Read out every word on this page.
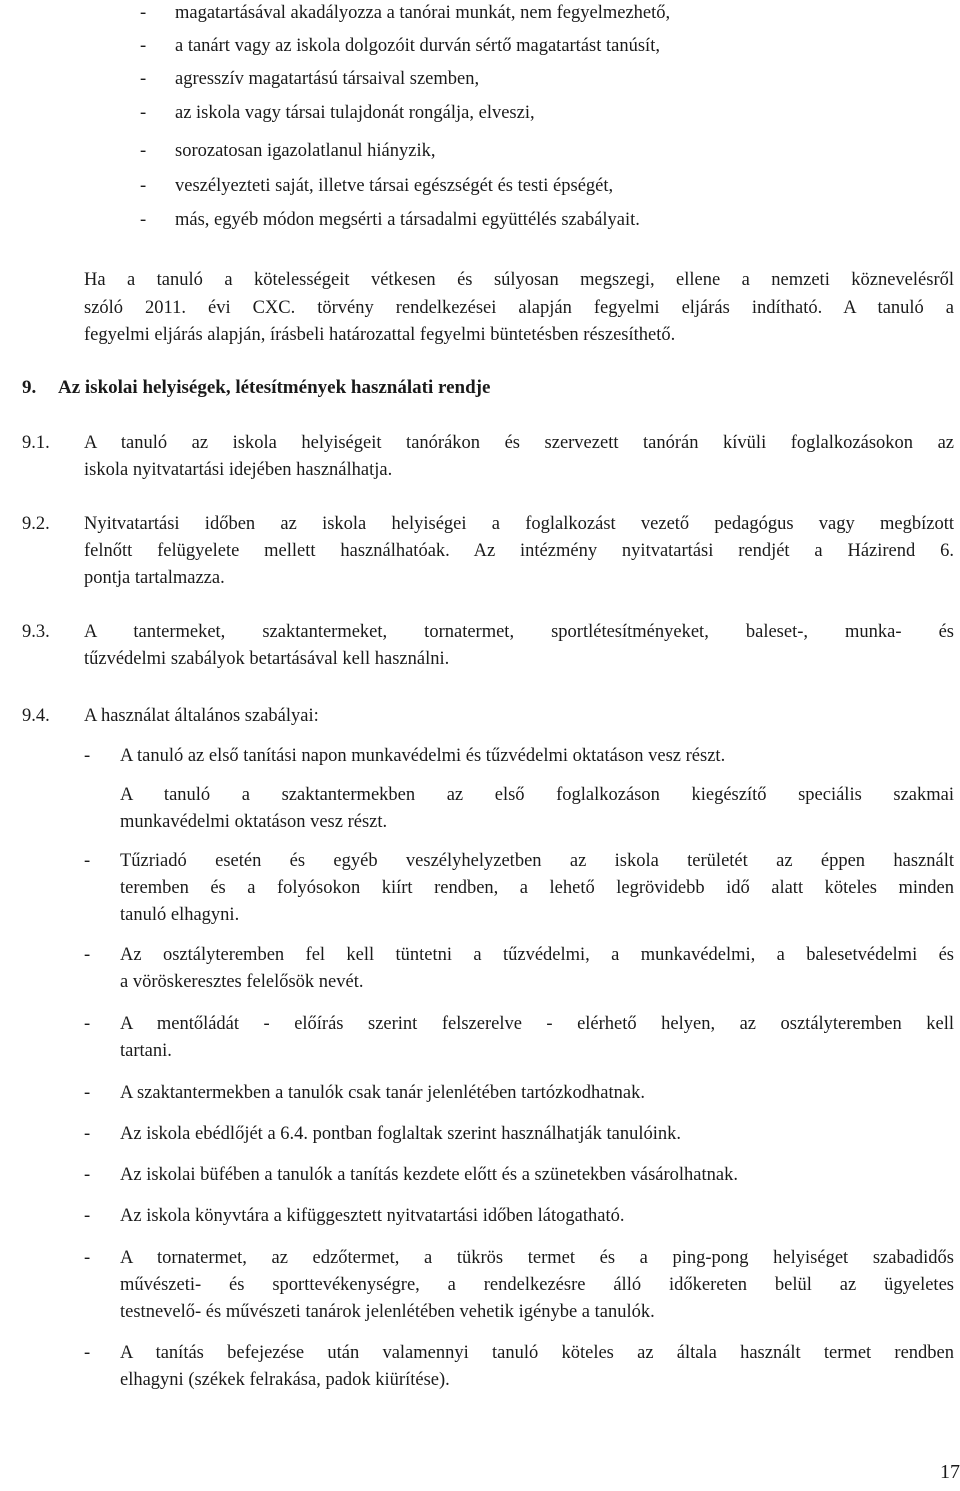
- magatartásával akadályozza a tanórai munkát, nem fegyelmezhető,
- a tanárt vagy az iskola dolgozóit durván sértő magatartást tanúsít,
- agresszív magatartású társaival szemben,
- az iskola vagy társai tulajdonát rongálja, elveszi,
- sorozatosan igazolatlanul hiányzik,
- veszélyezteti saját, illetve társai egészségét és testi épségét,
- más, egyéb módon megsérti a társadalmi együttélés szabályait.
Ha a tanuló a kötelességeit vétkesen és súlyosan megszegi, ellene a nemzeti köznevelésről
szóló 2011. évi CXC. törvény rendelkezései alapján fegyelmi eljárás indítható. A tanuló a
fegyelmi eljárás alapján, írásbeli határozattal fegyelmi büntetésben részesíthető.
9. Az iskolai helyiségek, létesítmények használati rendje
9.1. A tanuló az iskola helyiségeit tanórákon és szervezett tanórán kívüli foglalkozásokon az
iskola nyitvatartási idejében használhatja.
9.2. Nyitvatartási időben az iskola helyiségei a foglalkozást vezető pedagógus vagy megbízott
felnőtt felügyelete mellett használhatóak. Az intézmény nyitvatartási rendjét a Házirend 6.
pontja tartalmazza.
9.3. A tantermeket, szaktantermeket, tornatermet, sportlétesítményeket, baleset-, munka- és
tűzvédelmi szabályok betartásával kell használni.
9.4. A használat általános szabályai:
- A tanuló az első tanítási napon munkavédelmi és tűzvédelmi oktatáson vesz részt.
A tanuló a szaktantermekben az első foglalkozáson kiegészítő speciális szakmai
munkavédelmi oktatáson vesz részt.
- Tűzriadó esetén és egyéb veszélyhelyzetben az iskola területét az éppen használt
teremben és a folyósokon kiírt rendben, a lehető legrövidebb idő alatt köteles minden
tanuló elhagyni.
- Az osztályteremben fel kell tüntetni a tűzvédelmi, a munkavédelmi, a balesetvédelmi és
a vöröskeresztes felelősök nevét.
- A mentőládát - előírás szerint felszerelve - elérhető helyen, az osztályteremben kell
tartani.
- A szaktantermekben a tanulók csak tanár jelenlétében tartózkodhatnak.
- Az iskola ebédlőjét a 6.4. pontban foglaltak szerint használhatják tanulóink.
- Az iskolai büfében a tanulók a tanítás kezdete előtt és a szünetekben vásárolhatnak.
- Az iskola könyvtára a kifüggesztett nyitvatartási időben látogatható.
- A tornatermet, az edzőtermet, a tükrös termet és a ping-pong helyiséget szabadidős
művészeti- és sporttevékenységre, a rendelkezésre álló időkereten belül az ügyeletes
testnevelő- és művészeti tanárok jelenlétében vehetik igénybe a tanulók.
- A tanítás befejezése után valamennyi tanuló köteles az általa használt termet rendben
elhagyni (székek felrakása, padok kiürítése).
17
